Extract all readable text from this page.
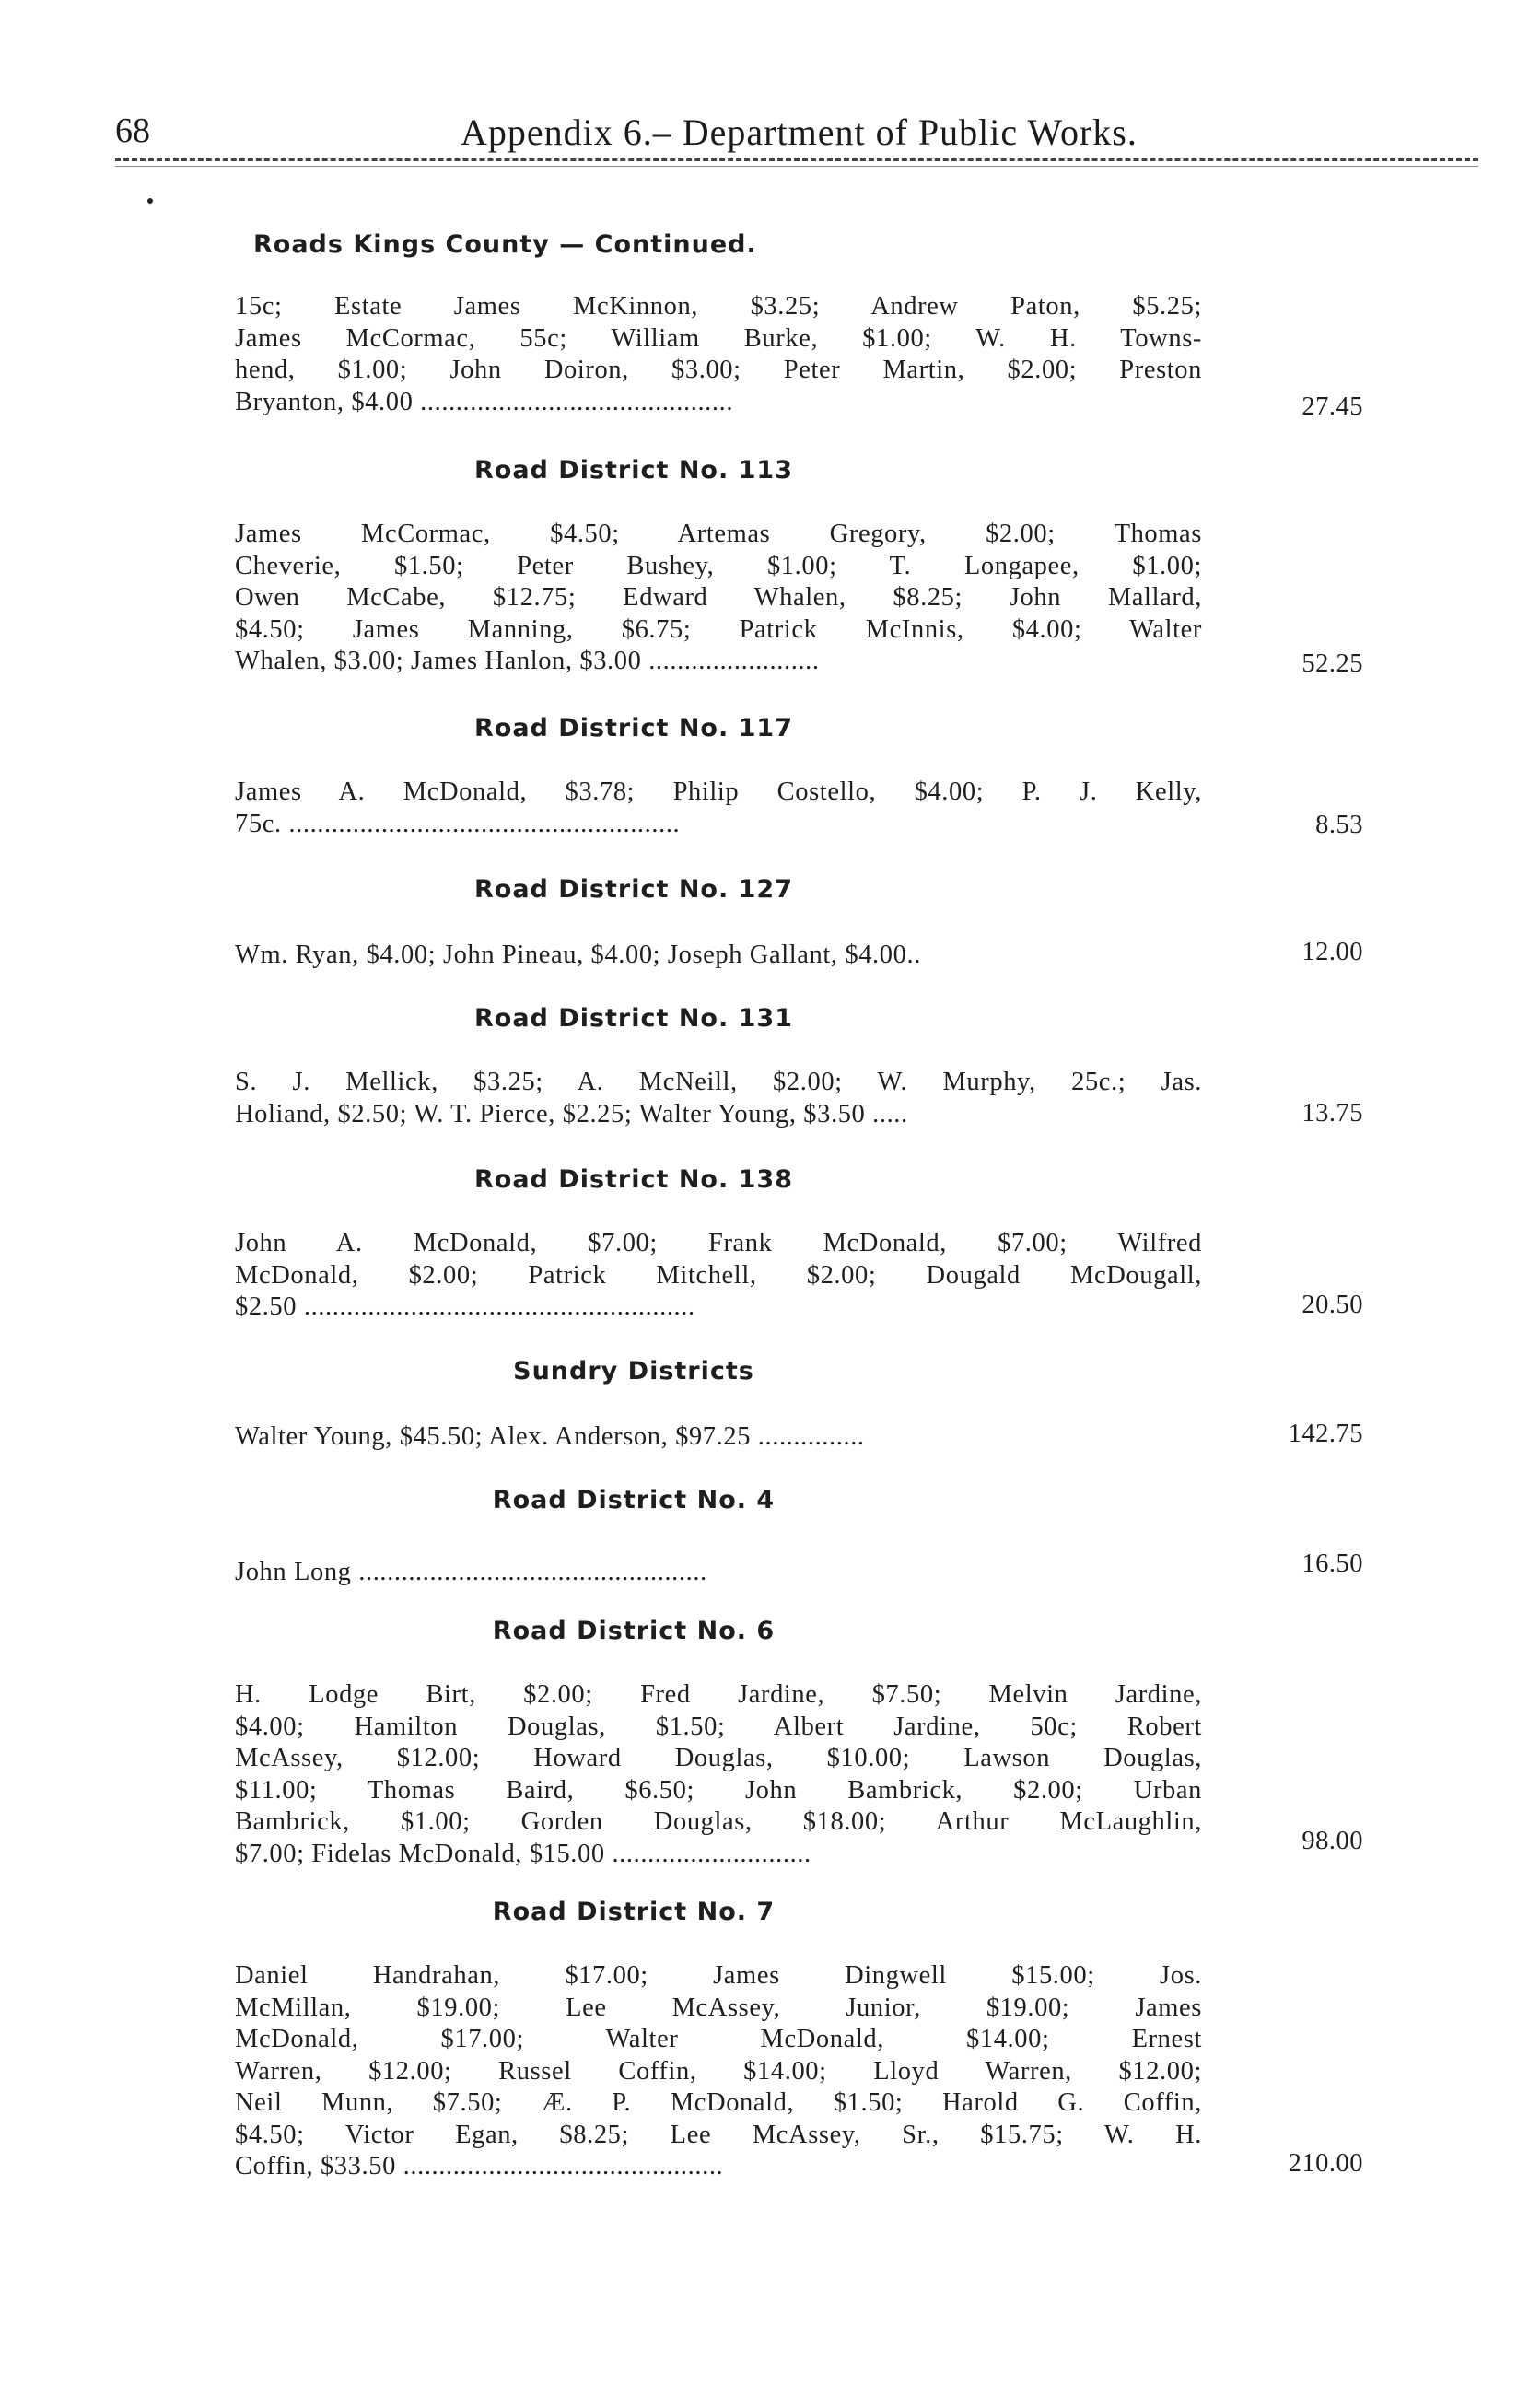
68	Appendix 6.– Department of Public Works.
Roads Kings County — Continued.
15c; Estate James McKinnon, $3.25; Andrew Paton, $5.25;
James McCormac, 55c; William Burke, $1.00; W. H. Towns-
hend, $1.00; John Doiron, $3.00; Peter Martin, $2.00; Preston
Bryanton, $4.00 ............................................	27.45
Road District No. 113
James McCormac, $4.50; Artemas Gregory, $2.00; Thomas
Cheverie, $1.50; Peter Bushey, $1.00; T. Longapee, $1.00;
Owen McCabe, $12.75; Edward Whalen, $8.25; John Mallard,
$4.50; James Manning, $6.75; Patrick McInnis, $4.00; Walter
Whalen, $3.00; James Hanlon, $3.00 ........................	52.25
Road District No. 117
James A. McDonald, $3.78; Philip Costello, $4.00; P. J. Kelly,
75c. .......................................................	8.53
Road District No. 127
Wm. Ryan, $4.00; John Pineau, $4.00; Joseph Gallant, $4.00..	12.00
Road District No. 131
S. J. Mellick, $3.25; A. McNeill, $2.00; W. Murphy, 25c.; Jas.
Holiand, $2.50; W. T. Pierce, $2.25; Walter Young, $3.50 .....	13.75
Road District No. 138
John A. McDonald, $7.00; Frank McDonald, $7.00; Wilfred
McDonald, $2.00; Patrick Mitchell, $2.00; Dougald McDougall,
$2.50 .......................................................	20.50
Sundry Districts
Walter Young, $45.50; Alex. Anderson, $97.25 ...............	142.75
Road District No. 4
John Long .................................................	16.50
Road District No. 6
H. Lodge Birt, $2.00; Fred Jardine, $7.50; Melvin Jardine,
$4.00; Hamilton Douglas, $1.50; Albert Jardine, 50c; Robert
McAssey, $12.00; Howard Douglas, $10.00; Lawson Douglas,
$11.00; Thomas Baird, $6.50; John Bambrick, $2.00; Urban
Bambrick, $1.00; Gorden Douglas, $18.00; Arthur McLaughlin,
$7.00; Fidelas McDonald, $15.00 ............................	98.00
Road District No. 7
Daniel Handrahan, $17.00; James Dingwell $15.00; Jos.
McMillan, $19.00; Lee McAssey, Junior, $19.00; James
McDonald, $17.00; Walter McDonald, $14.00; Ernest
Warren, $12.00; Russel Coffin, $14.00; Lloyd Warren, $12.00;
Neil Munn, $7.50; Æ. P. McDonald, $1.50; Harold G. Coffin,
$4.50; Victor Egan, $8.25; Lee McAssey, Sr., $15.75; W. H.
Coffin, $33.50 .............................................	210.00
